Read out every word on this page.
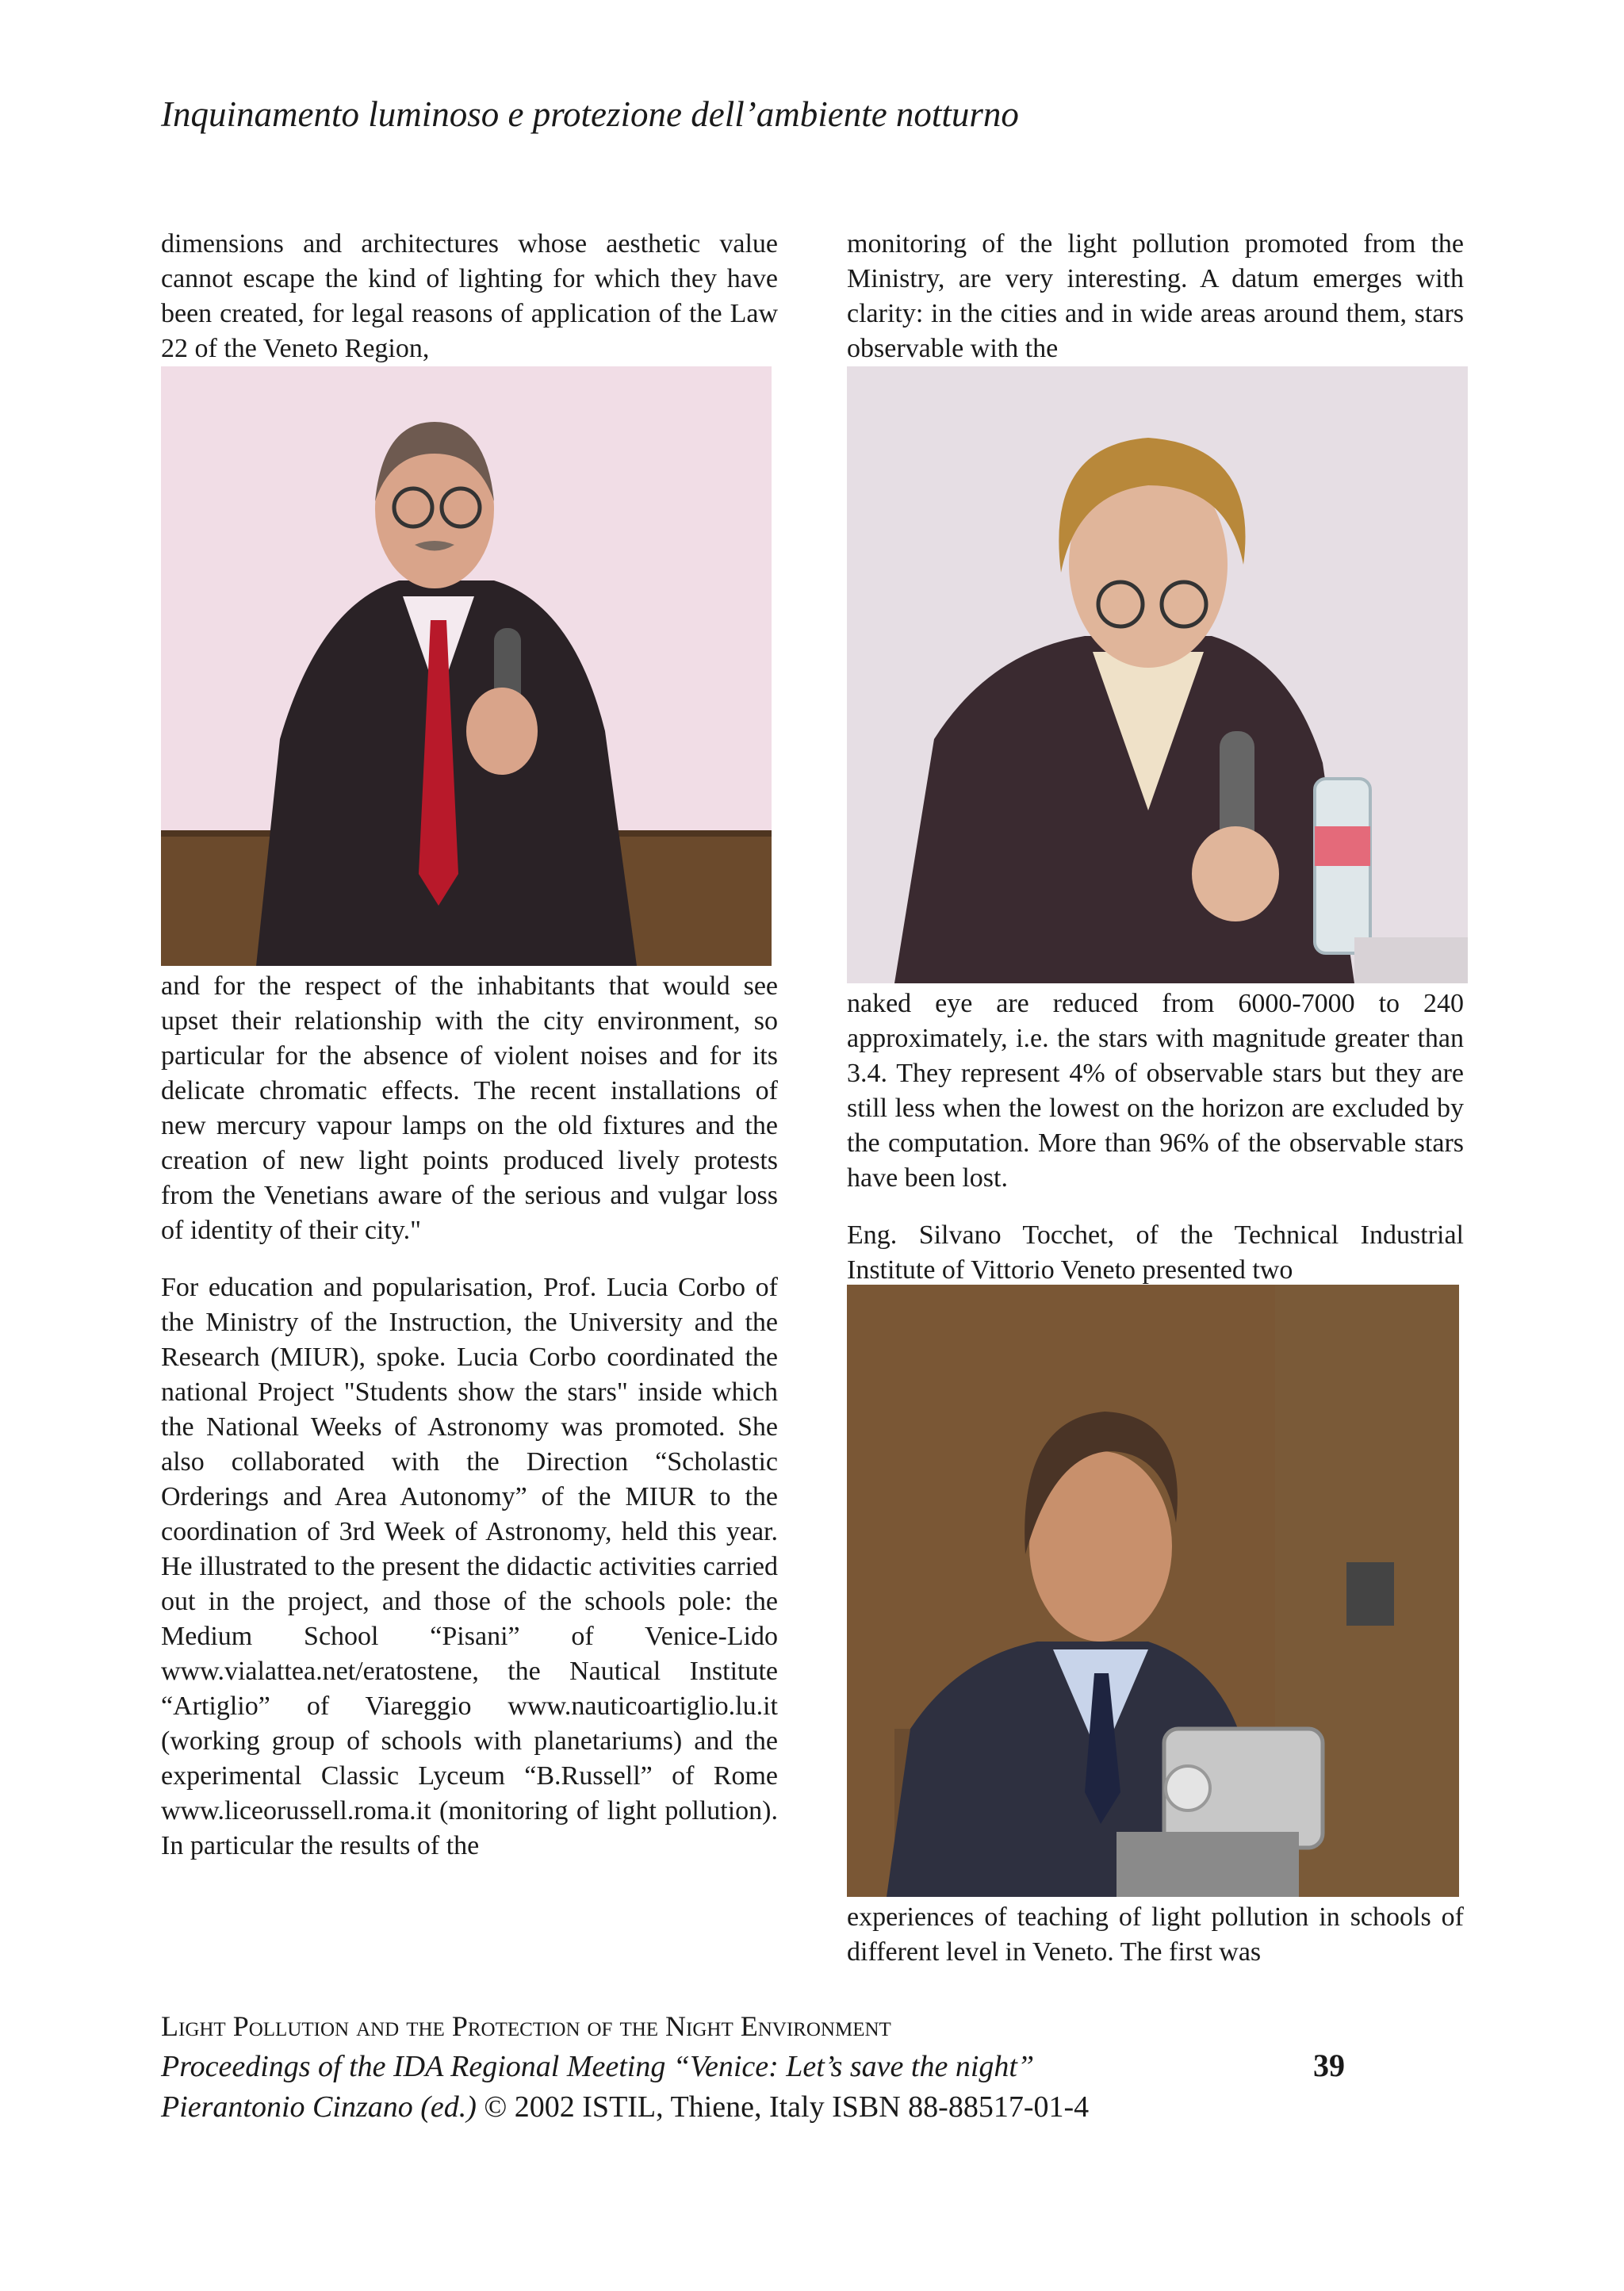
Inquinamento luminoso e protezione dell’ambiente notturno

dimensions and architectures whose aesthetic value cannot escape the kind of lighting for which they have been created, for legal reasons of application of the Law 22 of the Veneto Region,

and for the respect of the inhabitants that would see upset their relationship with the city environment, so particular for the absence of violent noises and for its delicate chromatic effects. The recent installations of new mercury vapour lamps on the old fixtures and the creation of new light points produced lively protests from the Venetians aware of the serious and vulgar loss of identity of their city."

For education and popularisation, Prof. Lucia Corbo of the Ministry of the Instruction, the University and the Research (MIUR), spoke. Lucia Corbo coordinated the national Project "Students show the stars" inside which the National Weeks of Astronomy was promoted. She also collaborated with the Direction “Scholastic Orderings and Area Autonomy” of the MIUR to the coordination of 3rd Week of Astronomy, held this year. He illustrated to the present the didactic activities carried out in the project, and those of the schools pole: the Medium School “Pisani” of Venice-Lido www.vialattea.net/eratostene, the Nautical Institute “Artiglio” of Viareggio www.nauticoartiglio.lu.it (working group of schools with planetariums) and the experimental Classic Lyceum “B.Russell” of Rome www.liceorussell.roma.it (monitoring of light pollution). In particular the results of the

monitoring of the light pollution promoted from the Ministry, are very interesting. A datum emerges with clarity: in the cities and in wide areas around them, stars observable with the

naked eye are reduced from 6000-7000 to 240 approximately, i.e. the stars with magnitude greater than 3.4. They represent 4% of observable stars but they are still less when the lowest on the horizon are excluded by the computation. More than 96% of the observable stars have been lost.

Eng. Silvano Tocchet, of the Technical Industrial Institute of Vittorio Veneto presented two

experiences of teaching of light pollution in schools of different level in Veneto. The first was

Light Pollution and the Protection of the Night Environment
Proceedings of the IDA Regional Meeting “Venice: Let’s save the night”
Pierantonio Cinzano (ed.) © 2002 ISTIL, Thiene, Italy ISBN 88-88517-01-4
39
